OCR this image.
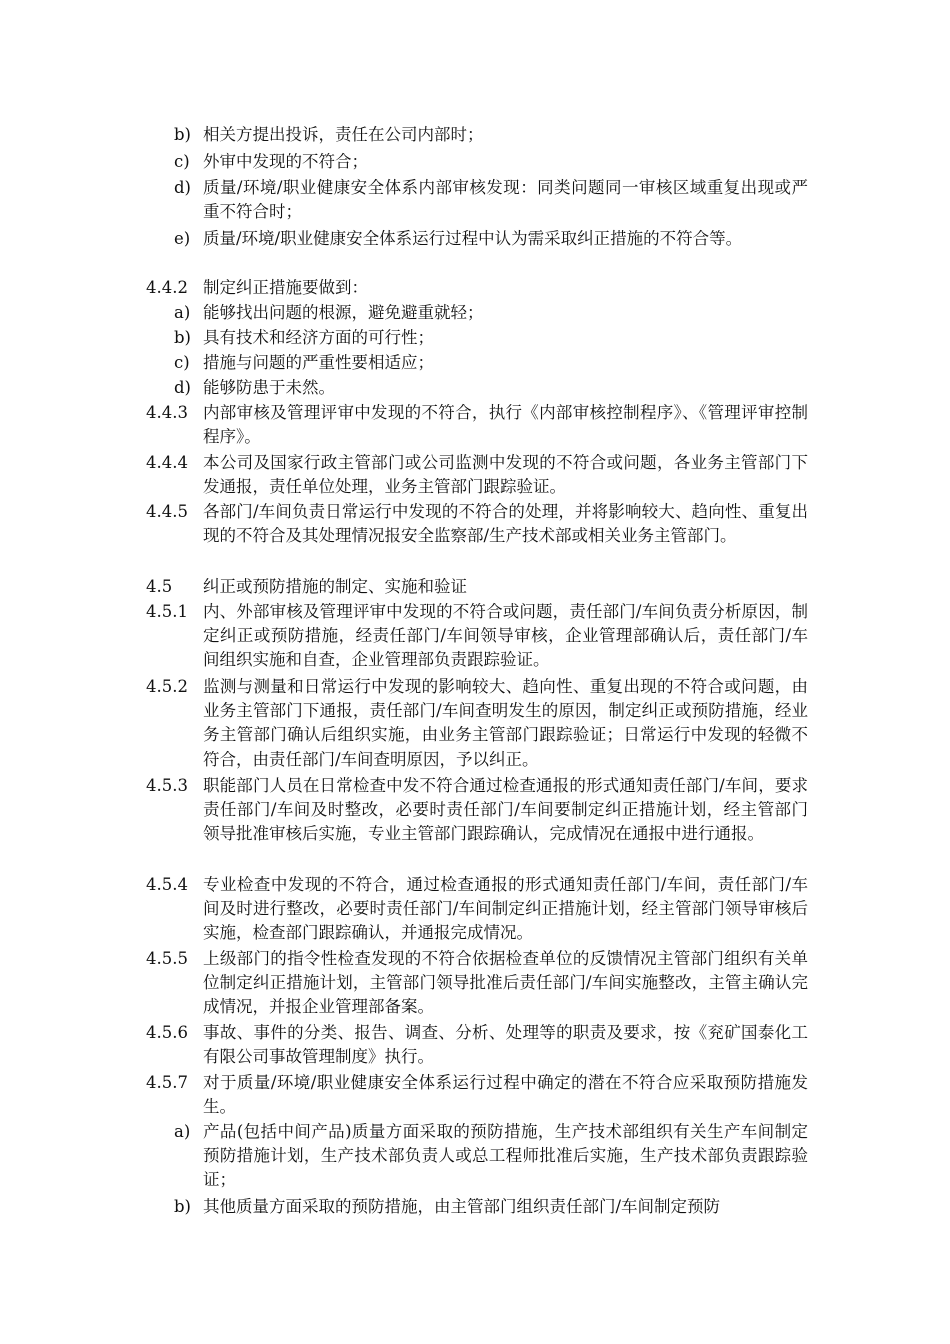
b) 相关方提出投诉，责任在公司内部时；

c) 外审中发现的不符合；

d) 质量/环境/职业健康安全体系内部审核发现：同类问题同一审核区域重复出现或严重不符合时；

e) 质量/环境/职业健康安全体系运行过程中认为需采取纠正措施的不符合等。

4.4.2 制定纠正措施要做到：

a) 能够找出问题的根源，避免避重就轻；

b) 具有技术和经济方面的可行性；

c) 措施与问题的严重性要相适应；

d) 能够防患于未然。

4.4.3 内部审核及管理评审中发现的不符合，执行《内部审核控制程序》、《管理评审控制程序》。

4.4.4 本公司及国家行政主管部门或公司监测中发现的不符合或问题，各业务主管部门下发通报，责任单位处理，业务主管部门跟踪验证。

4.4.5 各部门/车间负责日常运行中发现的不符合的处理，并将影响较大、趋向性、重复出现的不符合及其处理情况报安全监察部/生产技术部或相关业务主管部门。

4.5 纠正或预防措施的制定、实施和验证

4.5.1 内、外部审核及管理评审中发现的不符合或问题，责任部门/车间负责分析原因，制定纠正或预防措施，经责任部门/车间领导审核，企业管理部确认后，责任部门/车间组织实施和自查，企业管理部负责跟踪验证。

4.5.2 监测与测量和日常运行中发现的影响较大、趋向性、重复出现的不符合或问题，由业务主管部门下通报，责任部门/车间查明发生的原因，制定纠正或预防措施，经业务主管部门确认后组织实施，由业务主管部门跟踪验证；日常运行中发现的轻微不符合，由责任部门/车间查明原因，予以纠正。

4.5.3 职能部门人员在日常检查中发不符合通过检查通报的形式通知责任部门/车间，要求责任部门/车间及时整改，必要时责任部门/车间要制定纠正措施计划，经主管部门领导批准审核后实施，专业主管部门跟踪确认，完成情况在通报中进行通报。

4.5.4 专业检查中发现的不符合，通过检查通报的形式通知责任部门/车间，责任部门/车间及时进行整改，必要时责任部门/车间制定纠正措施计划，经主管部门领导审核后实施，检查部门跟踪确认，并通报完成情况。

4.5.5 上级部门的指令性检查发现的不符合依据检查单位的反馈情况主管部门组织有关单位制定纠正措施计划，主管部门领导批准后责任部门/车间实施整改，主管主确认完成情况，并报企业管理部备案。

4.5.6 事故、事件的分类、报告、调查、分析、处理等的职责及要求，按《兖矿国泰化工有限公司事故管理制度》执行。

4.5.7 对于质量/环境/职业健康安全体系运行过程中确定的潜在不符合应采取预防措施发生。

a) 产品(包括中间产品)质量方面采取的预防措施，生产技术部组织有关生产车间制定预防措施计划，生产技术部负责人或总工程师批准后实施，生产技术部负责跟踪验证；

b) 其他质量方面采取的预防措施，由主管部门组织责任部门/车间制定预防
